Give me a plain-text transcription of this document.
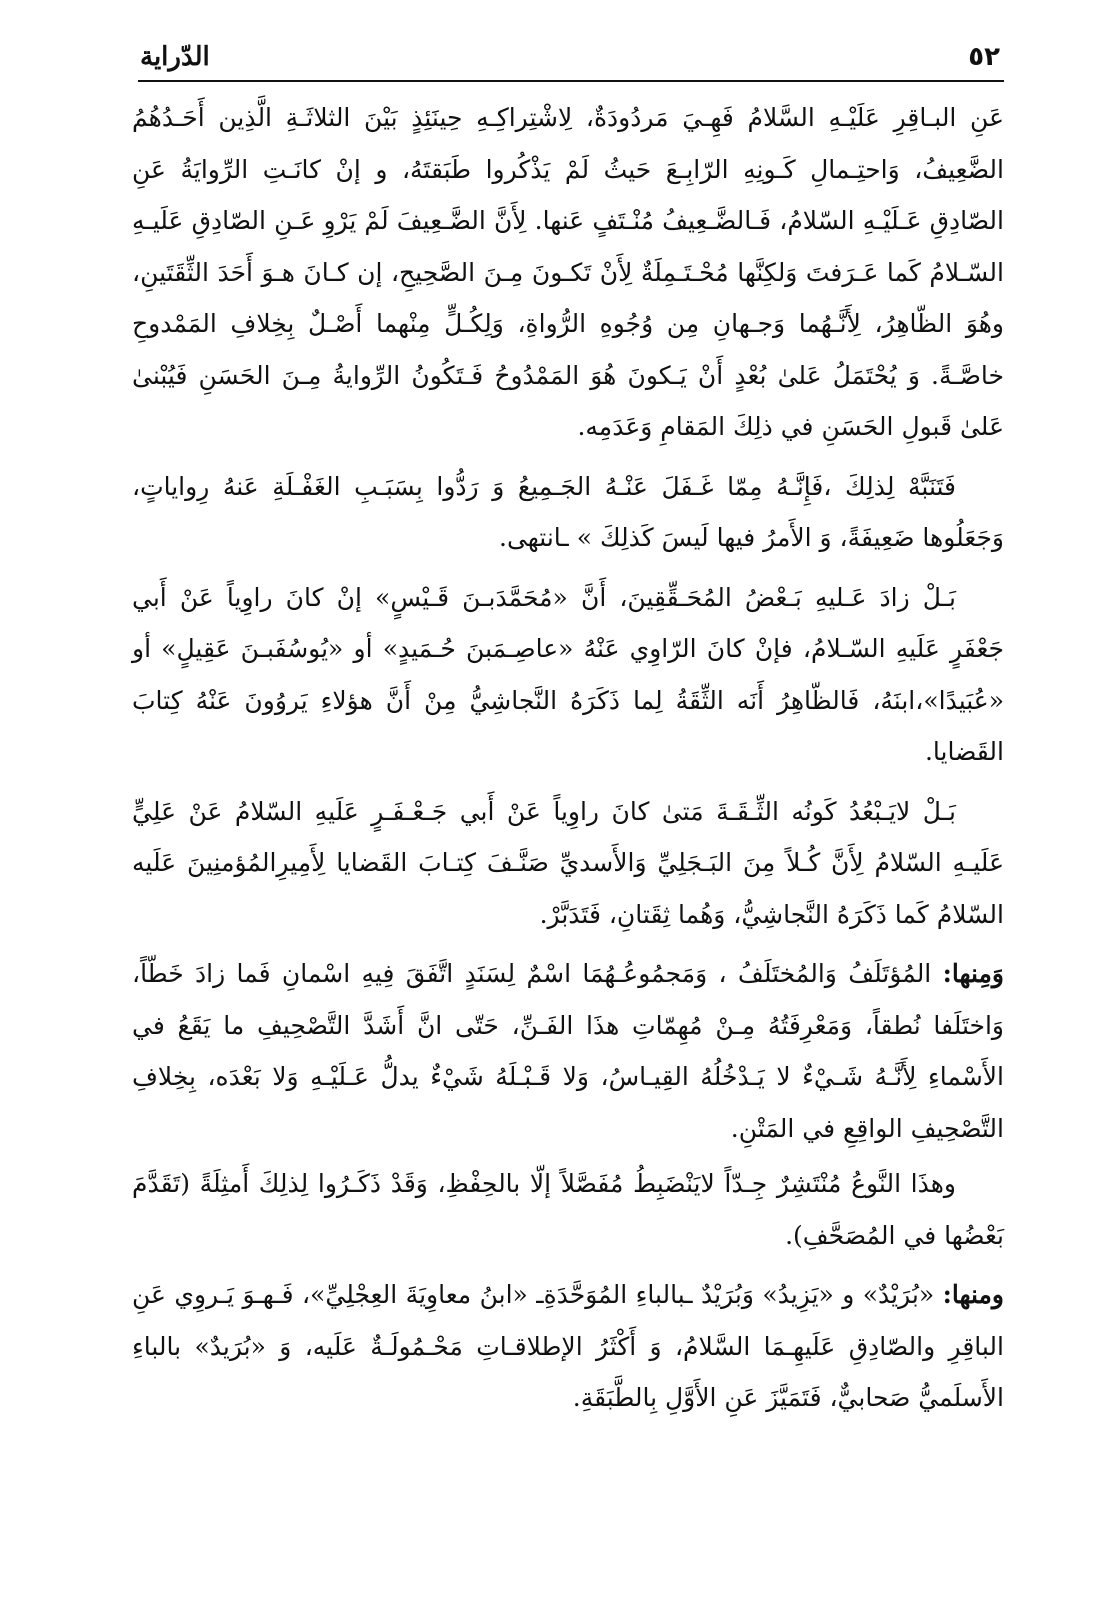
٥٢
الدّراية

عَنِ البـاقِرِ عَلَيْـهِ السَّلامُ فَهِـيَ مَردُودَةٌ، لِاشْتِراكِـهِ حِينَئِذٍ بَيْنَ الثلاثَـةِ الَّذِين أَحَـدُهُمُ الضَّعِيفُ، وَاحتِـمالِ كَـونِهِ الرّابِـعَ حَيثُ لَمْ يَذْكُروا طَبَقتَهُ، و إنْ كانَـتِ الرِّوايَةُ عَنِ الصّادِقِ عَـلَيْـهِ السّلامُ، فَـالضَّـعِيفُ مُنْـتَفٍ عَنها. لِأَنَّ الضَّـعِيفَ لَمْ يَرْوِ عَـنِ الصّادِقِ عَلَيـهِ السّـلامُ كَما عَـرَفتَ وَلكِنَّها مُحْـتَـمِلَةٌ لِأَنْ تَكـونَ مِـنَ الصَّحِيحِ، إن كـانَ هـوَ أَحَدَ الثِّقَتَينِ، وهُوَ الظّاهِرُ، لِأَنَّـهُما وَجـهانِ مِن وُجُوهِ الرُّواةِ، وَلِكُـلٍّ مِنْهما أَصْـلٌ بِخِلافِ المَمْدوحِ خاصَّـةً. وَ يُحْتَمَلُ عَلىٰ بُعْدٍ أَنْ يَـكونَ هُوَ المَمْدُوحُ فَـتَكُونُ الرِّوايةُ مِـنَ الحَسَنِ فَيُبْنىٰ عَلىٰ قَبولِ الحَسَنِ في ذلِكَ المَقامِ وَعَدَمِه.

فَتَنَبَّهْ لِذلِكَ ،فَإِنَّـهُ مِمّا غَـفَلَ عَنْـهُ الجَـمِيعُ وَ رَدُّوا بِسَبَـبِ الغَفْـلَةِ عَنهُ رِواياتٍ، وَجَعَلُوها ضَعِيفَةً، وَ الأَمرُ فيها لَيسَ كَذلِكَ » ـانتهى.

بَـلْ زادَ عَـليهِ بَـعْضُ المُحَـقِّقِينَ، أَنَّ «مُحَمَّدَبـنَ قَـيْسٍ» إنْ كانَ راوِياً عَنْ أَبي جَعْفَرٍ عَلَيهِ السّـلامُ، فإنْ كانَ الرّاوِي عَنْهُ «عاصِـمَبنَ حُـمَيدٍ» أو «يُوسُفَبـنَ عَقِيلٍ» أو «عُبَيدًا»،ابنَهُ، فَالظّاهِرُ أَنَه الثِّقَةُ لِما ذَكَرَهُ النَّجاشِيُّ مِنْ أَنَّ هؤلاءِ يَروُونَ عَنْهُ كِتابَ القَضايا.

بَـلْ لايَـبْعُدُ كَونُه الثِّـقَـةَ مَتىٰ كانَ راوِياً عَنْ أَبي جَـعْـفَـرٍ عَلَيهِ السّلامُ عَنْ عَلِيٍّ عَلَيـهِ السّلامُ لِأَنَّ كُـلاً مِنَ البَـجَلِيِّ وَالأَسديِّ صَنَّـفَ كِتـابَ القَضايا لِأَمِيرِالمُؤمنِينَ عَلَيه السّلامُ كَما ذَكَرَهُ النَّجاشِيُّ، وَهُما ثِقَتانِ، فَتَدَبَّرْ.

وَمِنها: المُؤتَلَفُ وَالمُختَلَفُ ، وَمَجمُوعُـهُمَا اسْمٌ لِسَنَدٍ اتَّفَقَ فِيهِ اسْمانِ فَما زادَ خَطّاً، وَاختَلَفا نُطقاً، وَمَعْرِفَتُهُ مِـنْ مُهِمّاتِ هذَا الفَـنِّ، حَتّى انَّ أَشَدَّ التَّصْحِيفِ ما يَقَعُ في الأَسْماءِ لِأَنَّـهُ شَـيْءٌ لا يَـدْخُلُهُ القِيـاسُ، وَلا قَـبْـلَهُ شَيْءٌ يدلُّ عَـلَيْـهِ وَلا بَعْدَه، بِخِلافِ التَّصْحِيفِ الواقِعِ في المَتْنِ.

وهذَا النَّوعُ مُنْتَشِرٌ جِـدّاً لايَنْضَبِطُ مُفَصَّلاً إلّا بالحِفْظِ، وَقَدْ ذَكَـرُوا لِذلِكَ أَمثِلَةً (تَقَدَّمَ بَعْضُها في المُصَحَّفِ).

ومنها: «بُرَيْدٌ» و «يَزِيدُ» وَبُرَيْدٌ ـبالباءِ المُوَحَّدَةِـ «ابنُ معاوِيَةَ العِجْلِيِّ»، فَـهـوَ يَـروِي عَنِ الباقِرِ والصّادِقِ عَلَيهِـمَا السَّلامُ، وَ أَكْثَرُ الإطلاقـاتِ مَحْـمُولَـةٌ عَلَيه، وَ «بُرَيدٌ» بالباءِ الأَسلَميُّ صَحابيٌّ، فَتَمَيَّزَ عَنِ الأَوَّلِ بِالطَّبَقَةِ.
